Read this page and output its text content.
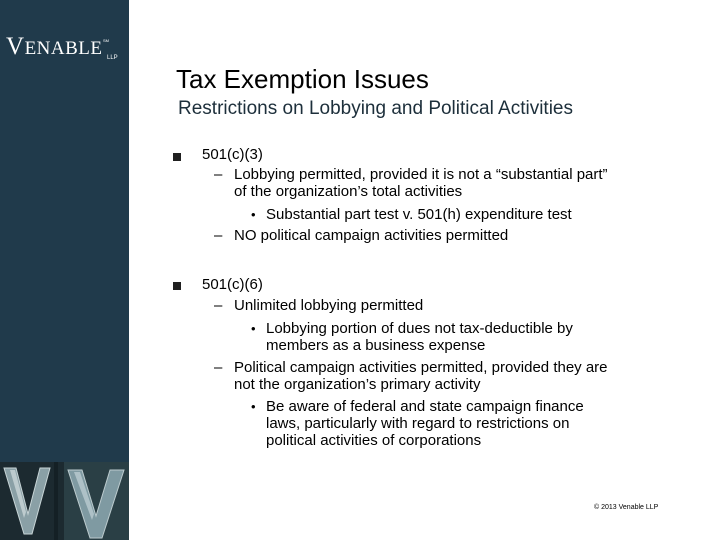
VENABLE SM
LLP
Tax Exemption Issues
Restrictions on Lobbying and Political Activities
501(c)(3)
– Lobbying permitted, provided it is not a “substantial part”
of the organization’s total activities
• Substantial part test v. 501(h) expenditure test
– NO political campaign activities permitted
501(c)(6)
– Unlimited lobbying permitted
• Lobbying portion of dues not tax-deductible by
members as a business expense
– Political campaign activities permitted, provided they are
not the organization’s primary activity
• Be aware of federal and state campaign finance
laws, particularly with regard to restrictions on
political activities of corporations
© 2013 Venable LLP
